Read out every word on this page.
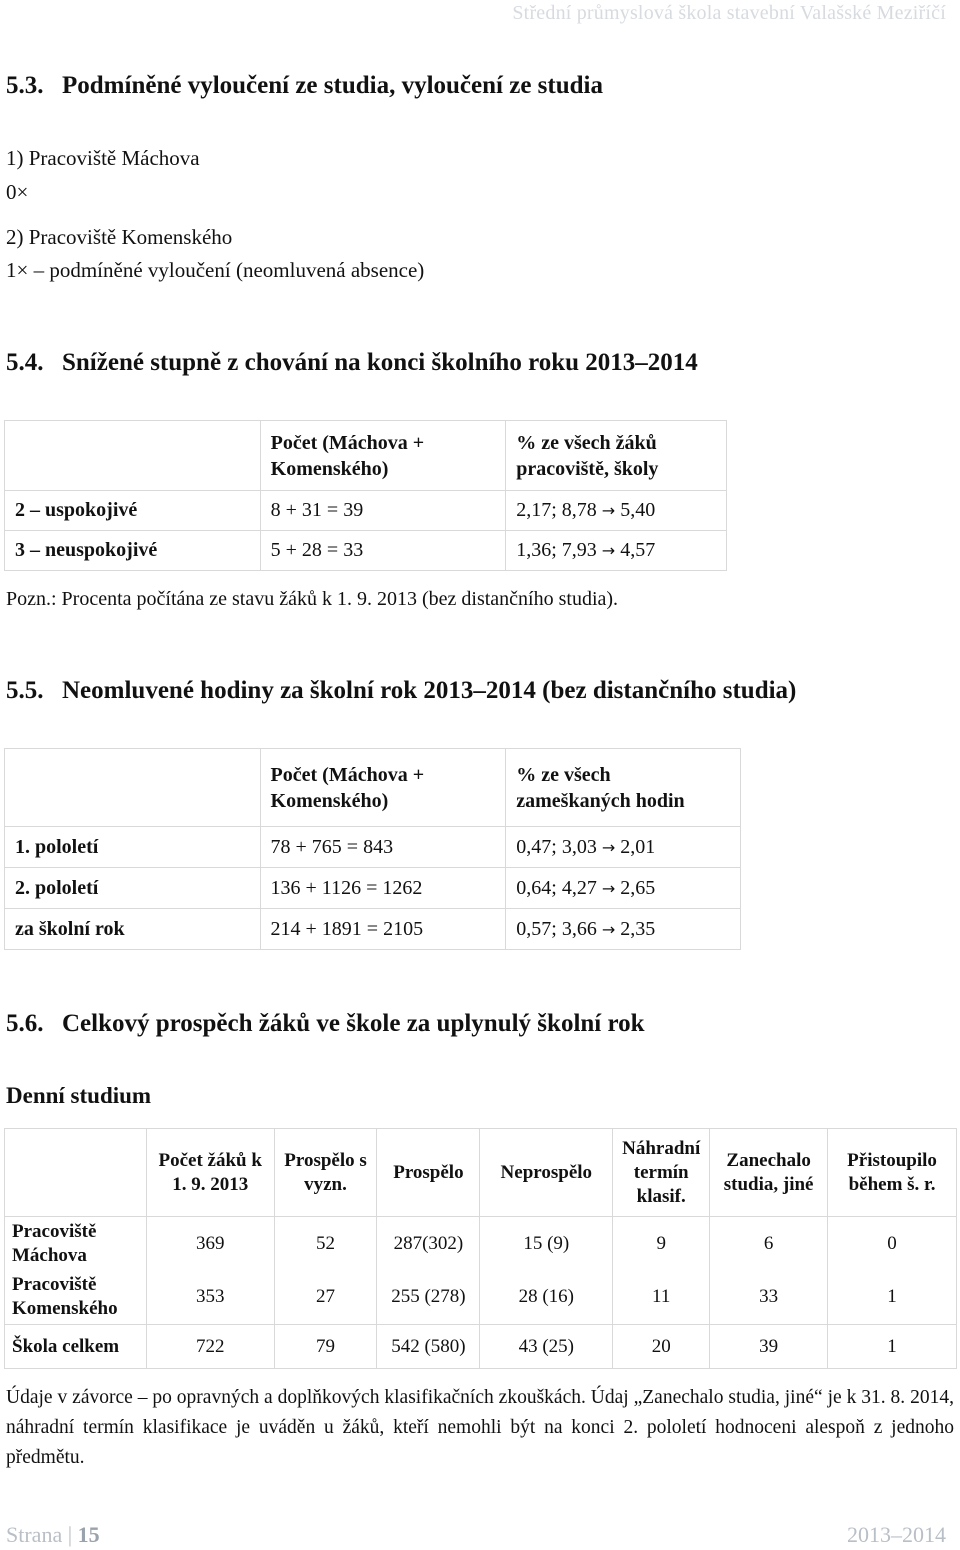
Střední průmyslová škola stavební Valašské Meziříčí
5.3. Podmíněné vyloučení ze studia, vyloučení ze studia
1) Pracoviště Máchova
0×
2) Pracoviště Komenského
1× – podmíněné vyloučení (neomluvená absence)
5.4. Snížené stupně z chování na konci školního roku 2013–2014
	Počet (Máchova + Komenského)	% ze všech žáků pracoviště, školy
2 – uspokojivé	8 + 31 = 39	2,17; 8,78 → 5,40
3 – neuspokojivé	5 + 28 = 33	1,36; 7,93 → 4,57
Pozn.: Procenta počítána ze stavu žáků k 1. 9. 2013 (bez distančního studia).
5.5. Neomluvené hodiny za školní rok 2013–2014 (bez distančního studia)
	Počet (Máchova + Komenského)	% ze všech zameškaných hodin
1. pololetí	78 + 765 = 843	0,47; 3,03 → 2,01
2. pololetí	136 + 1126 = 1262	0,64; 4,27 → 2,65
za školní rok	214 + 1891 = 2105	0,57; 3,66 → 2,35
5.6. Celkový prospěch žáků ve škole za uplynulý školní rok
Denní studium
	Počet žáků k 1. 9. 2013	Prospělo s vyzn.	Prospělo	Neprospělo	Náhradní termín klasif.	Zanechalo studia, jiné	Přistoupilo během š. r.
Pracoviště Máchova	369	52	287(302)	15 (9)	9	6	0
Pracoviště Komenského	353	27	255 (278)	28 (16)	11	33	1
Škola celkem	722	79	542 (580)	43 (25)	20	39	1
Údaje v závorce – po opravných a doplňkových klasifikačních zkouškách. Údaj „Zanechalo studia, jiné“ je k 31. 8. 2014, náhradní termín klasifikace je uváděn u žáků, kteří nemohli být na konci 2. pololetí hodnoceni alespoň z jednoho předmětu.
Strana | 15	2013–2014
